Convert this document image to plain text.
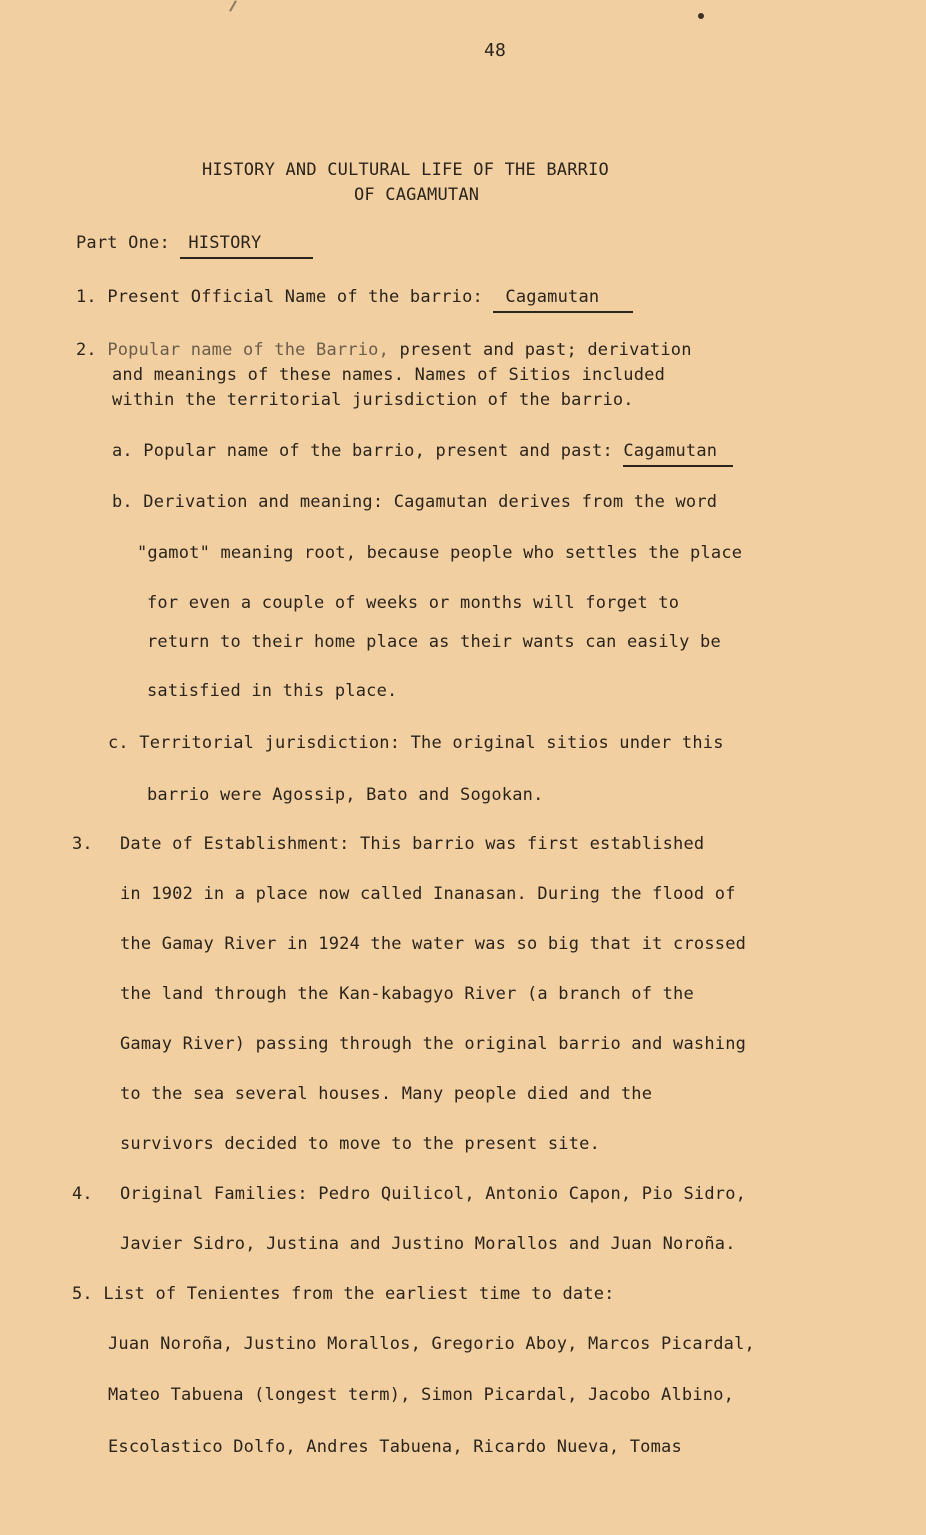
48
HISTORY AND CULTURAL LIFE OF THE BARRIO
OF CAGAMUTAN
Part One: HISTORY
1. Present Official Name of the barrio: Cagamutan
2. Popular name of the Barrio, present and past; derivation
and meanings of these names. Names of Sitios included
within the territorial jurisdiction of the barrio.
a. Popular name of the barrio, present and past: Cagamutan
b. Derivation and meaning: Cagamutan derives from the word
"gamot" meaning root, because people who settles the place
for even a couple of weeks or months will forget to
return to their home place as their wants can easily be
satisfied in this place.
c. Territorial jurisdiction: The original sitios under this
barrio were Agossip, Bato and Sogokan.
3. Date of Establishment: This barrio was first established
in 1902 in a place now called Inanasan. During the flood of
the Gamay River in 1924 the water was so big that it crossed
the land through the Kan-kabagyo River (a branch of the
Gamay River) passing through the original barrio and washing
to the sea several houses. Many people died and the
survivors decided to move to the present site.
4. Original Families: Pedro Quilicol, Antonio Capon, Pio Sidro,
Javier Sidro, Justina and Justino Morallos and Juan Noroña.
5. List of Tenientes from the earliest time to date:
Juan Noroña, Justino Morallos, Gregorio Aboy, Marcos Picardal,
Mateo Tabuena (longest term), Simon Picardal, Jacobo Albino,
Escolastico Dolfo, Andres Tabuena, Ricardo Nueva, Tomas
